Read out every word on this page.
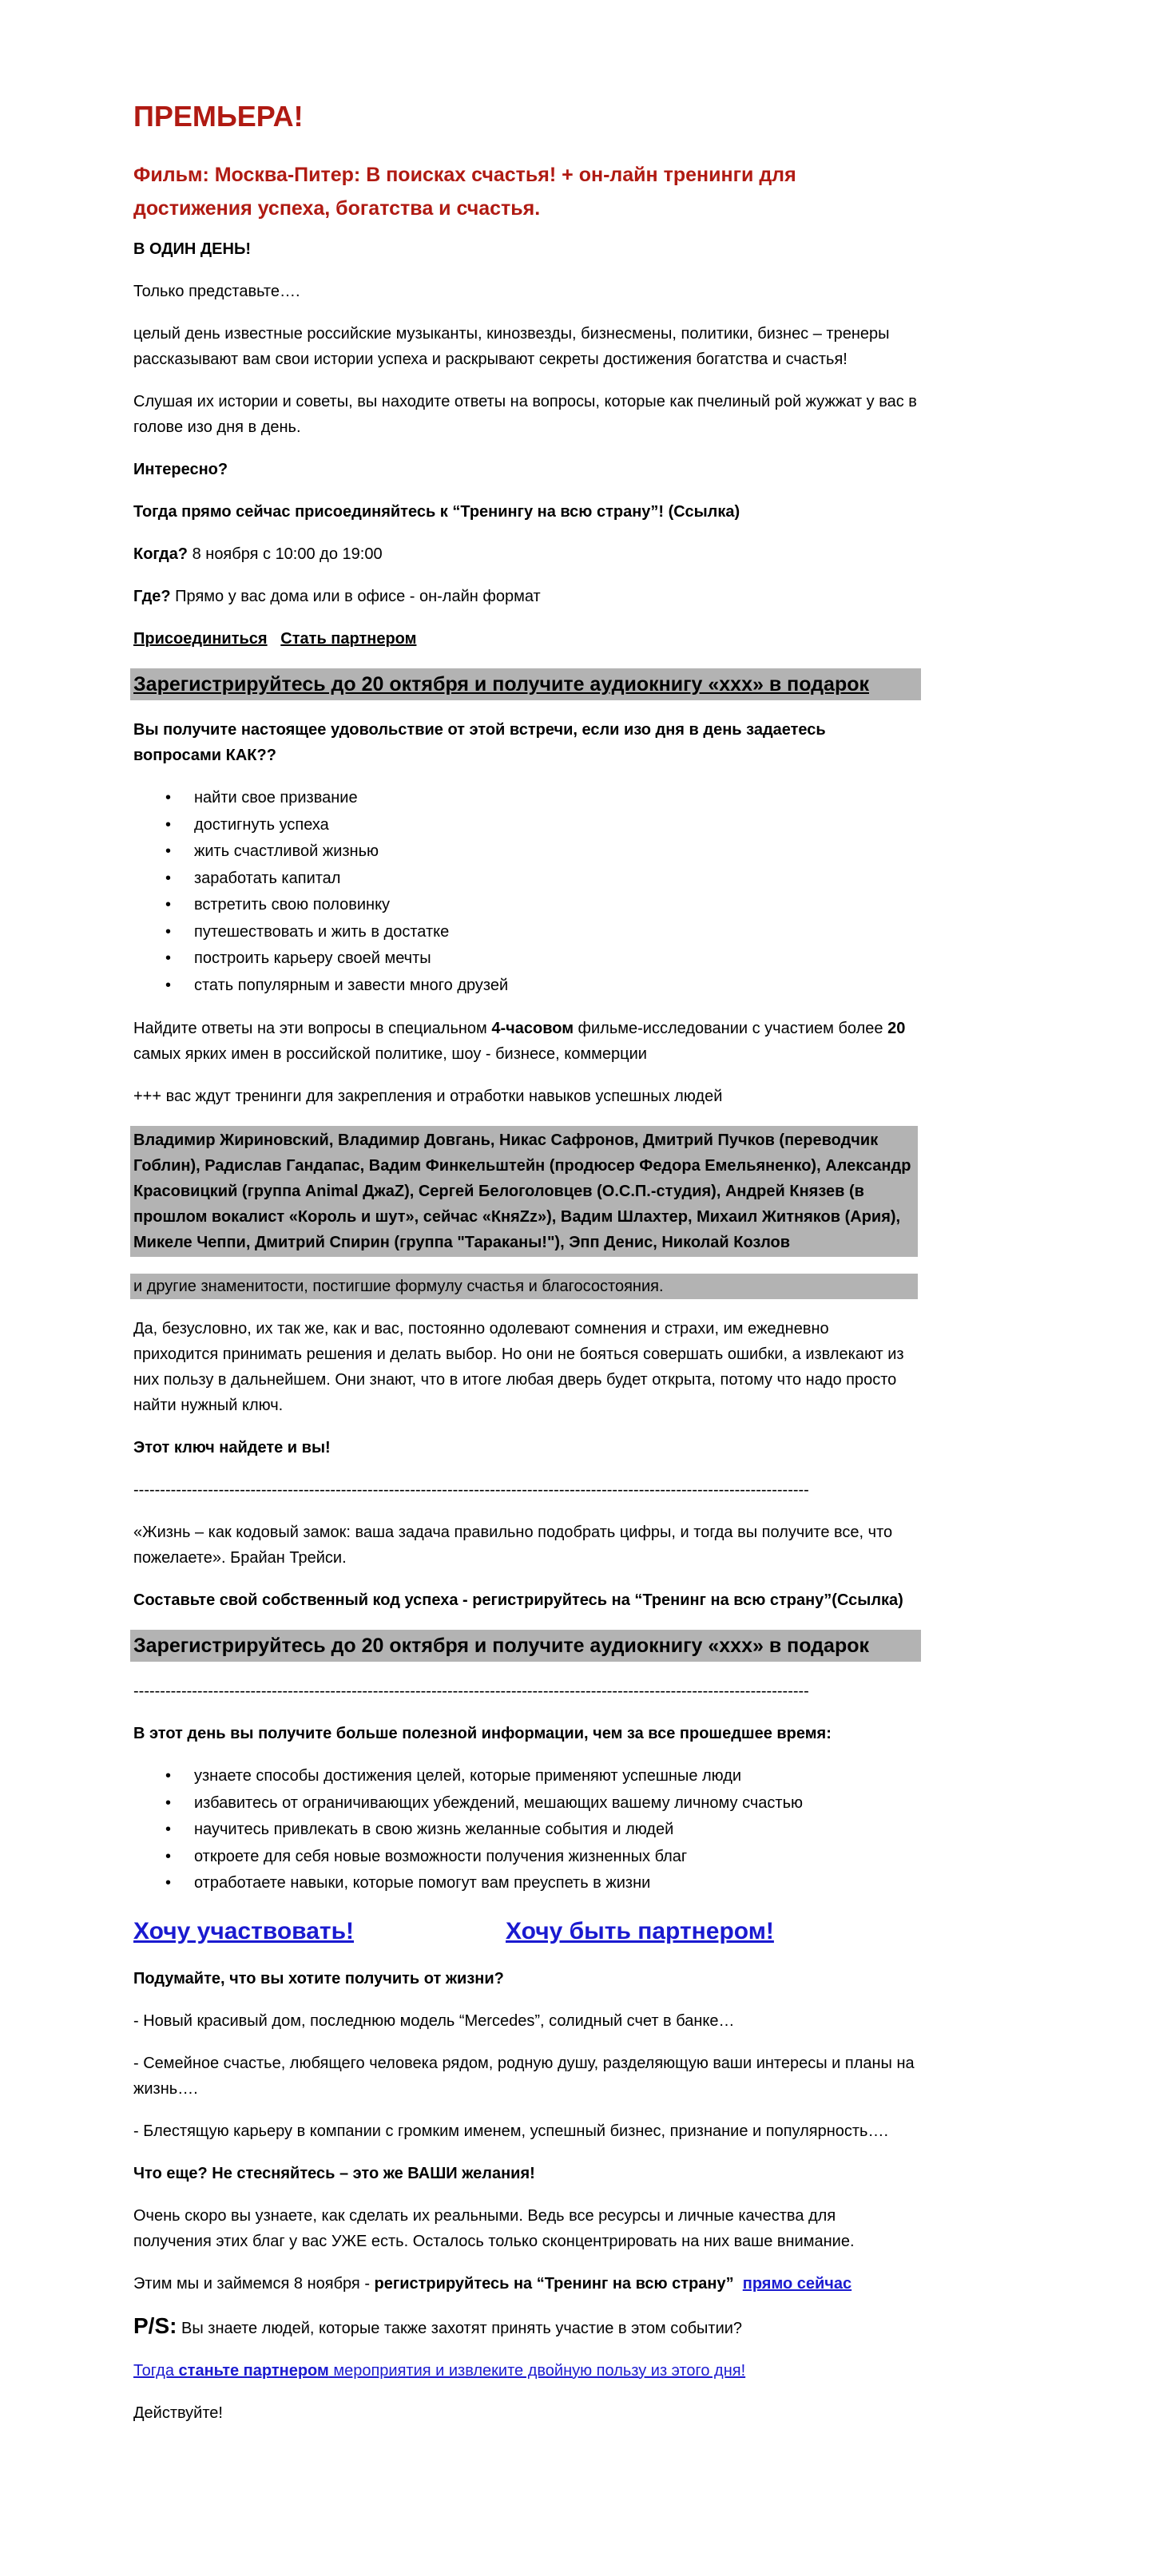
ПРЕМЬЕРА!
Фильм: Москва-Питер: В поисках счастья! + он-лайн тренинги для достижения успеха, богатства и счастья.

В ОДИН ДЕНЬ!

Только представьте….

целый день известные российские музыканты, кинозвезды, бизнесмены, политики, бизнес – тренеры рассказывают вам свои истории успеха и раскрывают секреты достижения богатства и счастья!

Слушая их истории и советы, вы находите ответы на вопросы, которые как пчелиный рой жужжат у вас в голове изо дня в день.

Интересно?

Тогда прямо сейчас присоединяйтесь к “Тренингу на всю страну”! (Ссылка)

Когда? 8 ноября с 10:00 до 19:00

Где? Прямо у вас дома или в офисе - он-лайн формат

Присоединиться Стать партнером

Зарегистрируйтесь до 20 октября и получите аудиокнигу «ххх» в подарок

Вы получите настоящее удовольствие от этой встречи, если изо дня в день задаетесь вопросами КАК??

• найти свое призвание
• достигнуть успеха
• жить счастливой жизнью
• заработать капитал
• встретить свою половинку
• путешествовать и жить в достатке
• построить карьеру своей мечты
• стать популярным и завести много друзей

Найдите ответы на эти вопросы в специальном 4-часовом фильме-исследовании с участием более 20 самых ярких имен в российской политике, шоу - бизнесе, коммерции

+++ вас ждут тренинги для закрепления и отработки навыков успешных людей

Владимир Жириновский, Владимир Довгань, Никас Сафронов, Дмитрий Пучков (переводчик Гоблин), Радислав Гандапас, Вадим Финкельштейн (продюсер Федора Емельяненко), Александр Красовицкий (группа Animal ДжаZ), Сергей Белоголовцев (О.С.П.-студия), Андрей Князев (в прошлом вокалист «Король и шут», сейчас «КняZz»), Вадим Шлахтер, Михаил Житняков (Ария), Микеле Чеппи, Дмитрий Спирин (группа "Тараканы!"), Эпп Денис, Николай Козлов

и другие знаменитости, постигшие формулу счастья и благосостояния.

Да, безусловно, их так же, как и вас, постоянно одолевают сомнения и страхи, им ежедневно приходится принимать решения и делать выбор. Но они не бояться совершать ошибки, а извлекают из них пользу в дальнейшем. Они знают, что в итоге любая дверь будет открыта, потому что надо просто найти нужный ключ.

Этот ключ найдете и вы!

-------------------------------------------------------------------------------------------------------------------------------

«Жизнь – как кодовый замок: ваша задача правильно подобрать цифры, и тогда вы получите все, что пожелаете». Брайан Трейси.

Составьте свой собственный код успеха - регистрируйтесь на “Тренинг на всю страну”(Ссылка)

Зарегистрируйтесь до 20 октября и получите аудиокнигу «ххх» в подарок
-------------------------------------------------------------------------------------------------------------------------------

В этот день вы получите больше полезной информации, чем за все прошедшее время:

• узнаете способы достижения целей, которые применяют успешные люди
• избавитесь от ограничивающих убеждений, мешающих вашему личному счастью
• научитесь привлекать в свою жизнь желанные события и людей
• откроете для себя новые возможности получения жизненных благ
• отработаете навыки, которые помогут вам преуспеть в жизни
Хочу участвовать!	Хочу быть партнером!

Подумайте, что вы хотите получить от жизни?

- Новый красивый дом, последнюю модель “Mercedes”, солидный счет в банке…

- Семейное счастье, любящего человека рядом, родную душу, разделяющую ваши интересы и планы на жизнь….

- Блестящую карьеру в компании с громким именем, успешный бизнес, признание и популярность….

Что еще? Не стесняйтесь – это же ВАШИ желания!

Очень скоро вы узнаете, как сделать их реальными. Ведь все ресурсы и личные качества для получения этих благ у вас УЖЕ есть. Осталось только сконцентрировать на них ваше внимание.

Этим мы и займемся 8 ноября - регистрируйтесь на “Тренинг на всю страну” прямо сейчас

P/S: Вы знаете людей, которые также захотят принять участие в этом событии?

Тогда станьте партнером мероприятия и извлеките двойную пользу из этого дня!

Действуйте!
